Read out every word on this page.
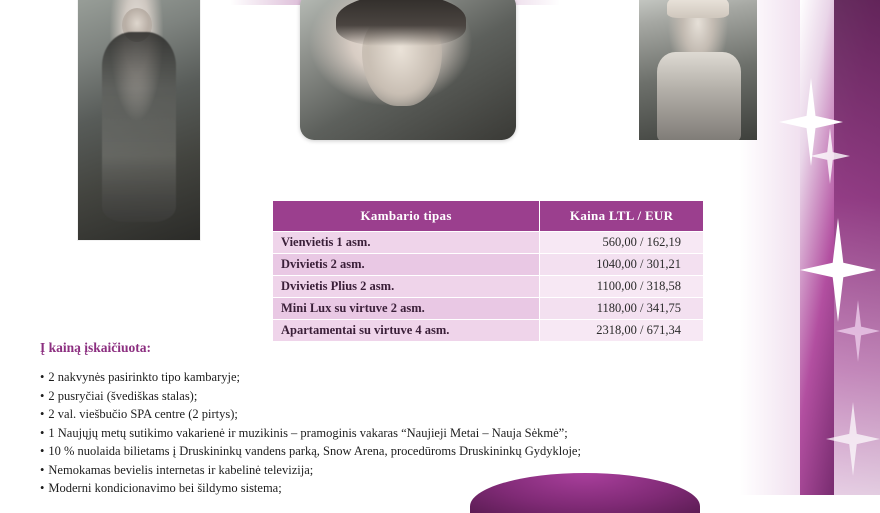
Kambario tipas	Kaina LTL / EUR
Vienvietis 1 asm.	560,00 / 162,19
Dvivietis 2 asm.	1040,00 / 301,21
Dvivietis Plius 2 asm.	1100,00 / 318,58
Mini Lux su virtuve 2 asm.	1180,00 / 341,75
Apartamentai su virtuve 4 asm.	2318,00 / 671,34
Į kainą įskaičiuota:
• 2 nakvynės pasirinkto tipo kambaryje;
• 2 pusryčiai (švediškas stalas);
• 2 val. viešbučio SPA centre (2 pirtys);
• 1 Naujųjų metų sutikimo vakarienė ir muzikinis – pramoginis vakaras “Naujieji Metai – Nauja Sėkmė”;
• 10 % nuolaida bilietams į Druskininkų vandens parką, Snow Arena, procedūroms Druskininkų Gydykloje;
• Nemokamas bevielis internetas ir kabelinė televizija;
• Moderni kondicionavimo bei šildymo sistema;
